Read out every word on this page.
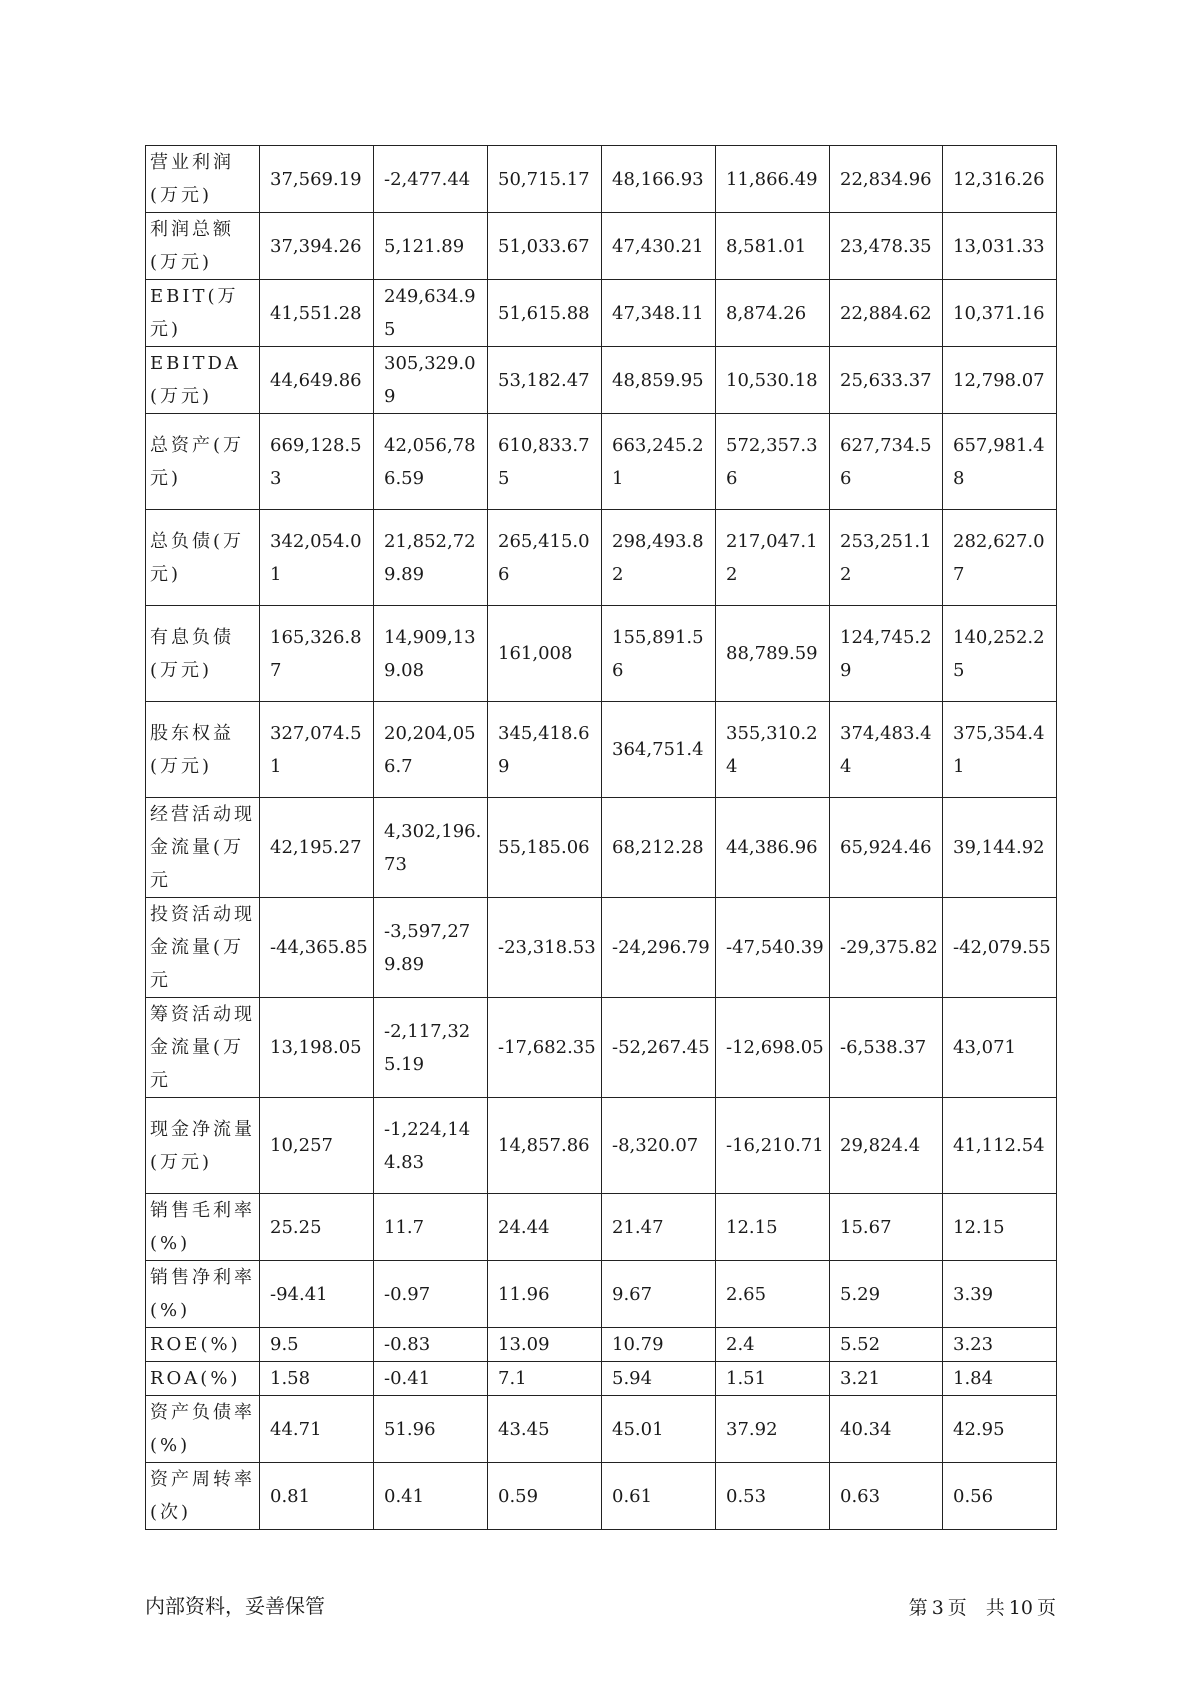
营业利润(万元)	37,569.19	-2,477.44	50,715.17	48,166.93	11,866.49	22,834.96	12,316.26
利润总额(万元)	37,394.26	5,121.89	51,033.67	47,430.21	8,581.01	23,478.35	13,031.33
EBIT(万元)	41,551.28	249,634.95	51,615.88	47,348.11	8,874.26	22,884.62	10,371.16
EBITDA(万元)	44,649.86	305,329.09	53,182.47	48,859.95	10,530.18	25,633.37	12,798.07
总资产(万元)	669,128.53	42,056,786.59	610,833.75	663,245.21	572,357.36	627,734.56	657,981.48
总负债(万元)	342,054.01	21,852,729.89	265,415.06	298,493.82	217,047.12	253,251.12	282,627.07
有息负债(万元)	165,326.87	14,909,139.08	161,008	155,891.56	88,789.59	124,745.29	140,252.25
股东权益(万元)	327,074.51	20,204,056.7	345,418.69	364,751.4	355,310.24	374,483.44	375,354.41
经营活动现金流量(万元	42,195.27	4,302,196.73	55,185.06	68,212.28	44,386.96	65,924.46	39,144.92
投资活动现金流量(万元	-44,365.85	-3,597,279.89	-23,318.53	-24,296.79	-47,540.39	-29,375.82	-42,079.55
筹资活动现金流量(万元	13,198.05	-2,117,325.19	-17,682.35	-52,267.45	-12,698.05	-6,538.37	43,071
现金净流量(万元)	10,257	-1,224,144.83	14,857.86	-8,320.07	-16,210.71	29,824.4	41,112.54
销售毛利率(%)	25.25	11.7	24.44	21.47	12.15	15.67	12.15
销售净利率(%)	-94.41	-0.97	11.96	9.67	2.65	5.29	3.39
ROE(%)	9.5	-0.83	13.09	10.79	2.4	5.52	3.23
ROA(%)	1.58	-0.41	7.1	5.94	1.51	3.21	1.84
资产负债率(%)	44.71	51.96	43.45	45.01	37.92	40.34	42.95
资产周转率(次)	0.81	0.41	0.59	0.61	0.53	0.63	0.56
内部资料，妥善保管	第 3 页　共 10 页
